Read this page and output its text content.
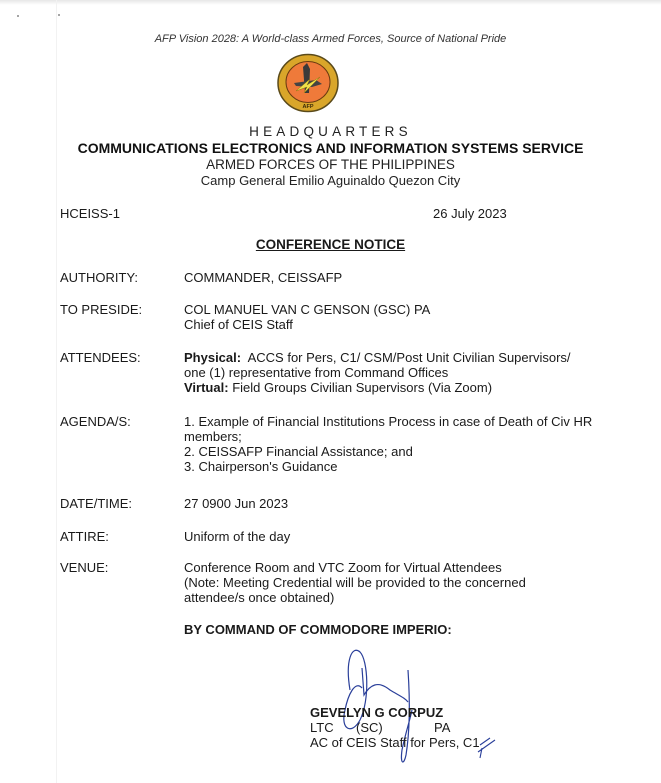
AFP Vision 2028: A World-class Armed Forces, Source of National Pride
AFP
HEADQUARTERS
COMMUNICATIONS ELECTRONICS AND INFORMATION SYSTEMS SERVICE
ARMED FORCES OF THE PHILIPPINES
Camp General Emilio Aguinaldo Quezon City
HCEISS-1	26 July 2023
CONFERENCE NOTICE
AUTHORITY:	COMMANDER, CEISSAFP
TO PRESIDE:	COL MANUEL VAN C GENSON (GSC) PA
Chief of CEIS Staff
ATTENDEES:	Physical: ACCS for Pers, C1/ CSM/Post Unit Civilian Supervisors/ one (1) representative from Command Offices
Virtual: Field Groups Civilian Supervisors (Via Zoom)
AGENDA/S:	1. Example of Financial Institutions Process in case of Death of Civ HR members;
2. CEISSAFP Financial Assistance; and
3. Chairperson's Guidance
DATE/TIME:	27 0900 Jun 2023
ATTIRE:	Uniform of the day
VENUE:	Conference Room and VTC Zoom for Virtual Attendees
(Note: Meeting Credential will be provided to the concerned attendee/s once obtained)
BY COMMAND OF COMMODORE IMPERIO:
GEVELYN G CORPUZ
LTC (SC)	PA
AC of CEIS Staff for Pers, C1
